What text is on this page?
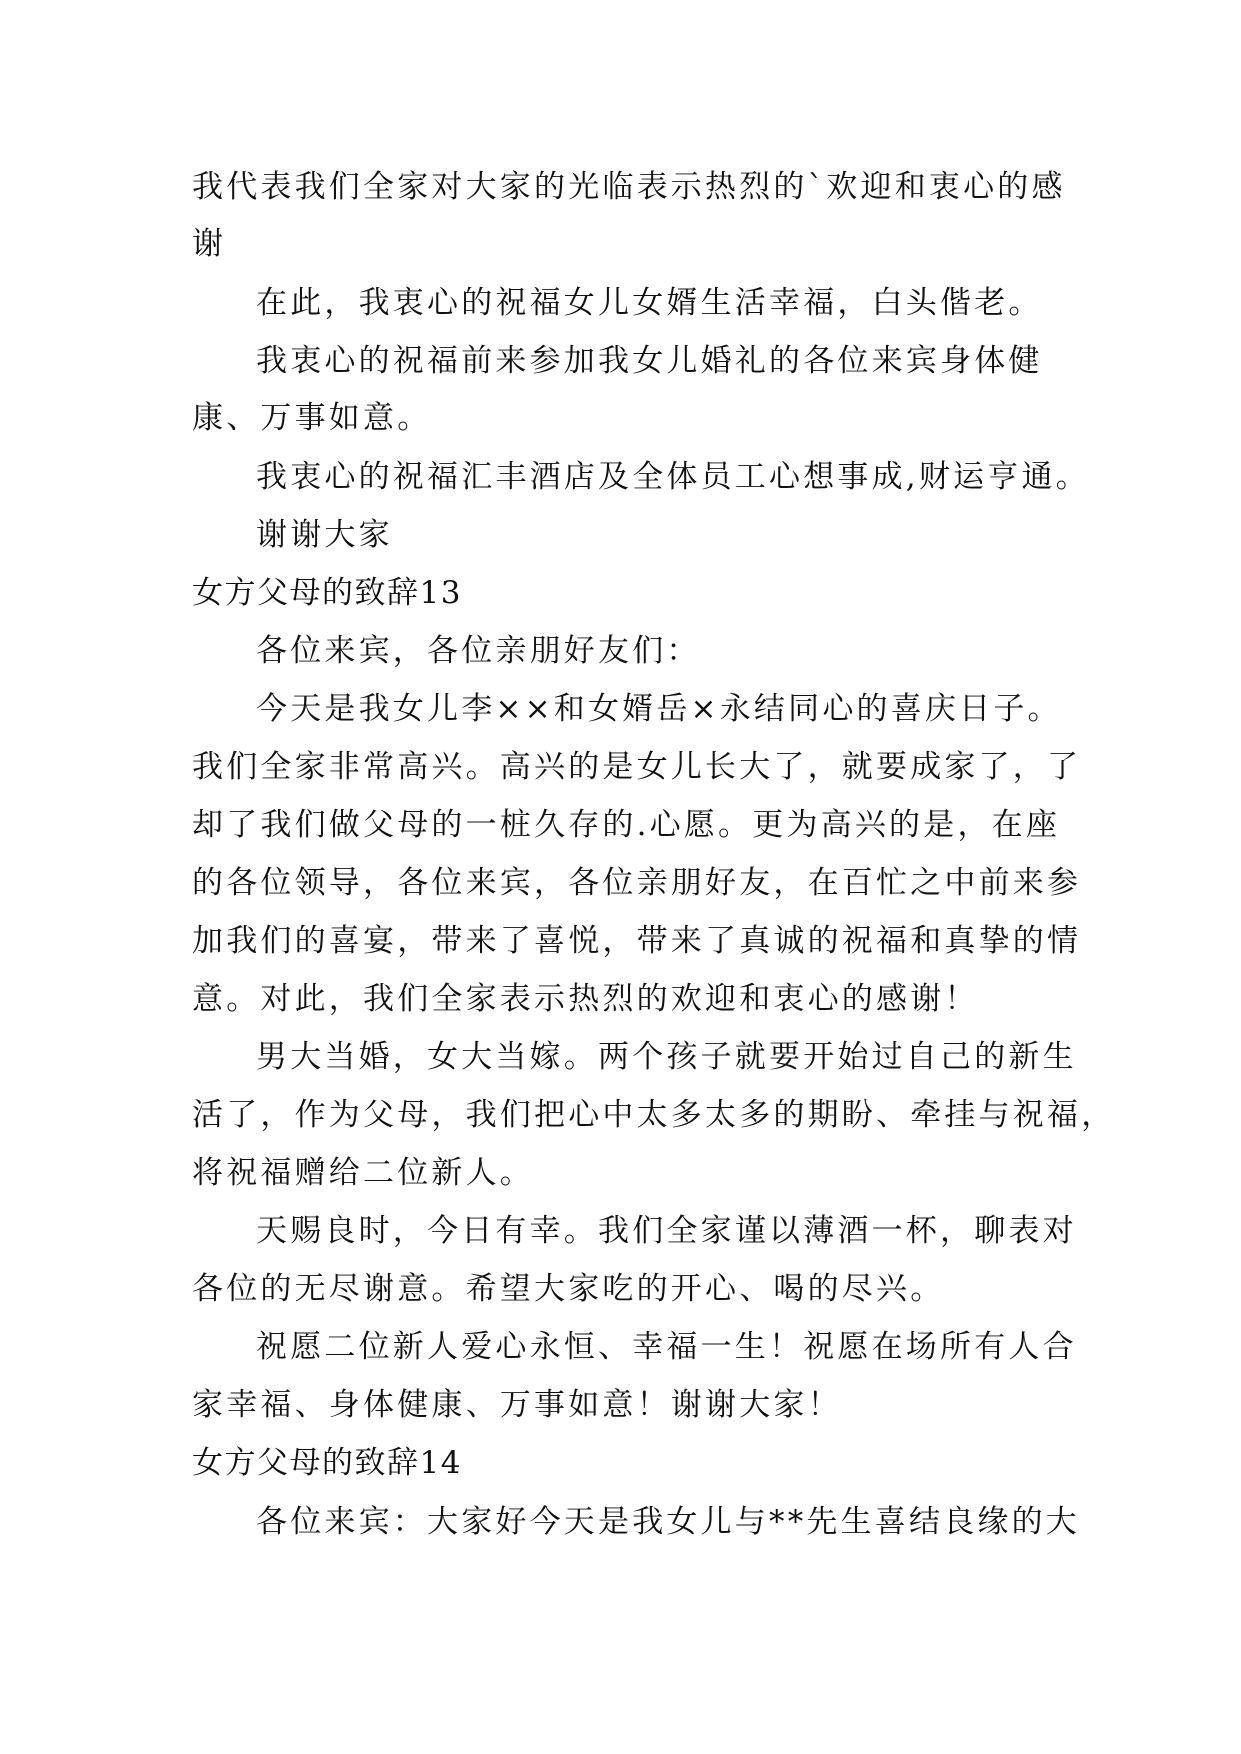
我代表我们全家对大家的光临表示热烈的`欢迎和衷心的感
谢
在此，我衷心的祝福女儿女婿生活幸福，白头偕老。
我衷心的祝福前来参加我女儿婚礼的各位来宾身体健
康、万事如意。
我衷心的祝福汇丰酒店及全体员工心想事成,财运亨通。
谢谢大家
女方父母的致辞13
各位来宾，各位亲朋好友们：
今天是我女儿李××和女婿岳×永结同心的喜庆日子。
我们全家非常高兴。高兴的是女儿长大了，就要成家了，了
却了我们做父母的一桩久存的.心愿。更为高兴的是，在座
的各位领导，各位来宾，各位亲朋好友，在百忙之中前来参
加我们的喜宴，带来了喜悦，带来了真诚的祝福和真挚的情
意。对此，我们全家表示热烈的欢迎和衷心的感谢！
男大当婚，女大当嫁。两个孩子就要开始过自己的新生
活了，作为父母，我们把心中太多太多的期盼、牵挂与祝福，
将祝福赠给二位新人。
天赐良时，今日有幸。我们全家谨以薄酒一杯，聊表对
各位的无尽谢意。希望大家吃的开心、喝的尽兴。
祝愿二位新人爱心永恒、幸福一生！祝愿在场所有人合
家幸福、身体健康、万事如意！谢谢大家！
女方父母的致辞14
各位来宾：大家好今天是我女儿与**先生喜结良缘的大
